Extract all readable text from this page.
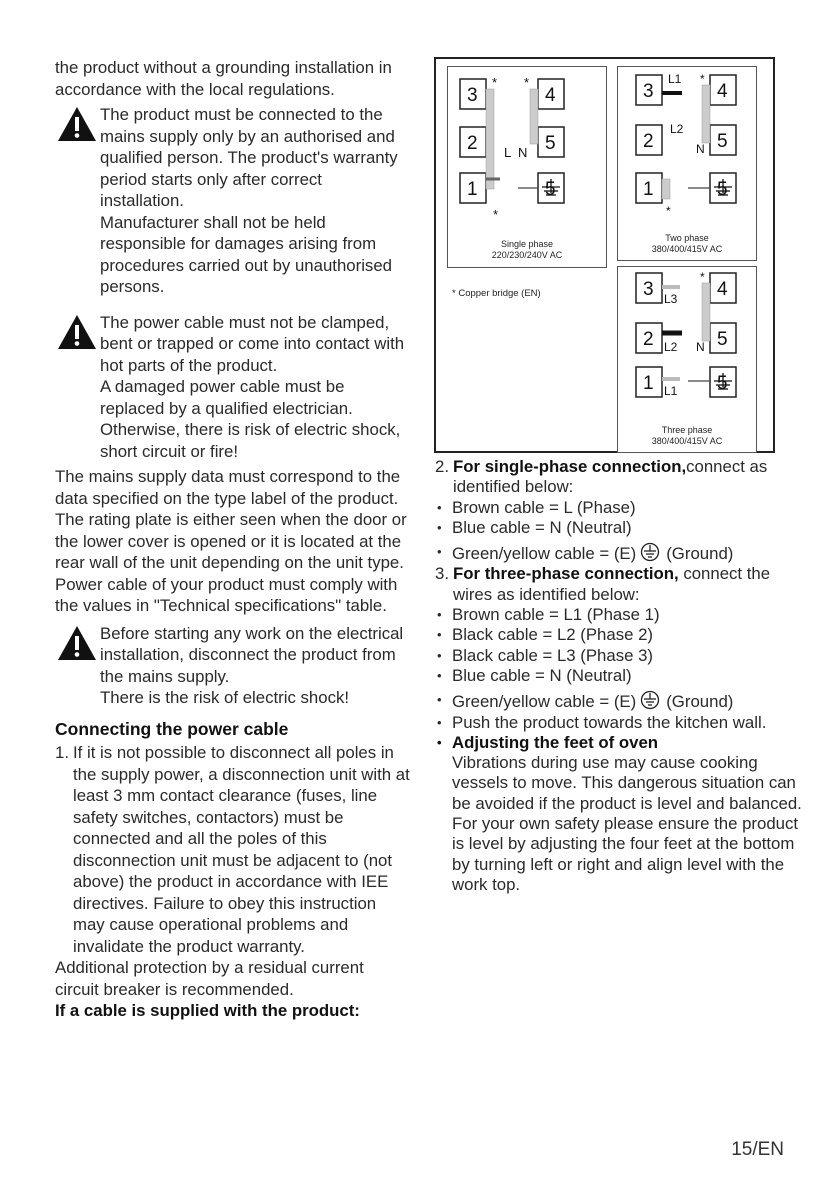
the product without a grounding installation in accordance with the local regulations.

The product must be connected to the mains supply only by an authorised and qualified person. The product's warranty period starts only after correct installation.

Manufacturer shall not be held responsible for damages arising from procedures carried out by unauthorised persons.

The power cable must not be clamped, bent or trapped or come into contact with hot parts of the product.

A damaged power cable must be replaced by a qualified electrician. Otherwise, there is risk of electric shock, short circuit or fire!

The mains supply data must correspond to the data specified on the type label of the product. The rating plate is either seen when the door or the lower cover is opened or it is located at the rear wall of the unit depending on the unit type.

Power cable of your product must comply with the values in "Technical specifications" table.

Before starting any work on the electrical installation, disconnect the product from the mains supply.

There is the risk of electric shock!

Connecting the power cable
1. If it is not possible to disconnect all poles in the supply power, a disconnection unit with at least 3 mm contact clearance (fuses, line safety switches, contactors) must be connected and all the poles of this disconnection unit must be adjacent to (not above) the product in accordance with IEE directives. Failure to obey this instruction may cause operational problems and invalidate the product warranty.

Additional protection by a residual current circuit breaker is recommended.

If a cable is supplied with the product:

3	4
2	5
1	5
* *
*
L N
Single phase
220/230/240V AC
3	4
2	5
1	5
L1 *
L2
N
*
Two phase
380/400/415V AC
* Copper bridge (EN)	3	4
2	5
1	5
*
L3
L2 N
L1
Three phase
380/400/415V AC
2. For single-phase connection,connect as identified below:
• Brown cable = L (Phase)
• Blue cable = N (Neutral)
• Green/yellow cable = (E) (Ground)
3. For three-phase connection, connect the wires as identified below:
• Brown cable = L1 (Phase 1)
• Black cable = L2 (Phase 2)
• Black cable = L3 (Phase 3)
• Blue cable = N (Neutral)
• Green/yellow cable = (E) (Ground)
• Push the product towards the kitchen wall.
• Adjusting the feet of oven

Vibrations during use may cause cooking vessels to move. This dangerous situation can be avoided if the product is level and balanced.

For your own safety please ensure the product is level by adjusting the four feet at the bottom by turning left or right and align level with the work top.

15/EN
